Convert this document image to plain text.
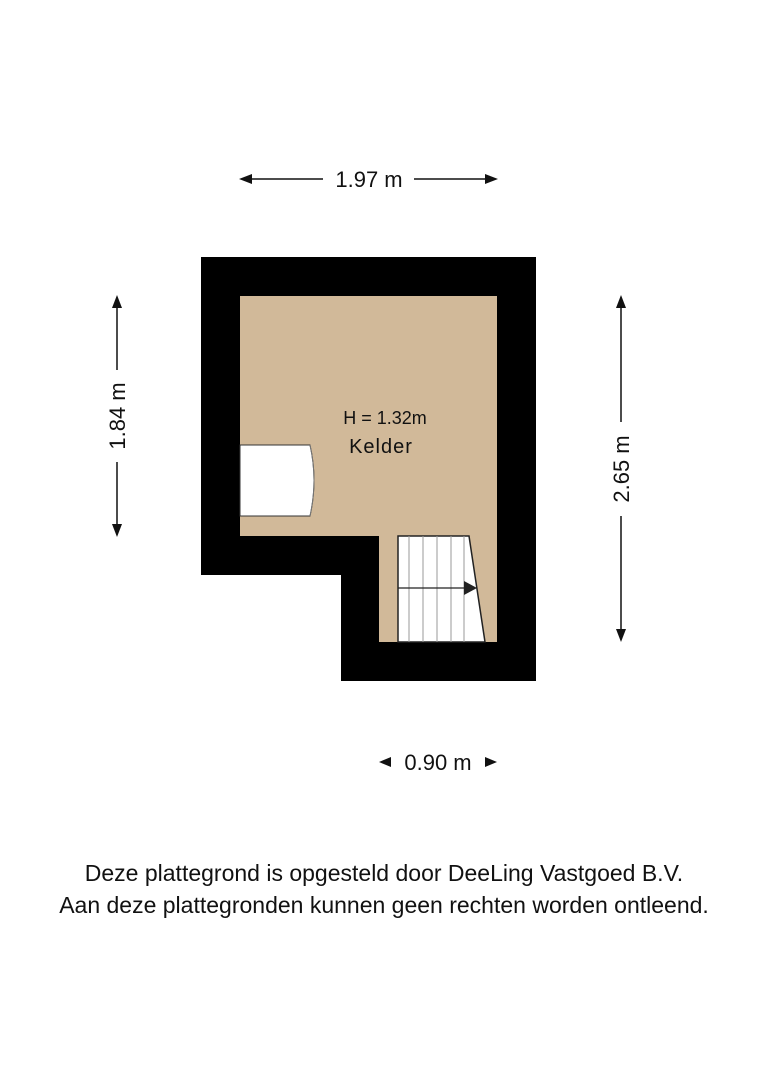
H = 1.32m
Kelder
1.97 m
1.84 m
2.65 m
0.90 m
Deze plattegrond is opgesteld door DeeLing Vastgoed B.V.
Aan deze plattegronden kunnen geen rechten worden ontleend.
